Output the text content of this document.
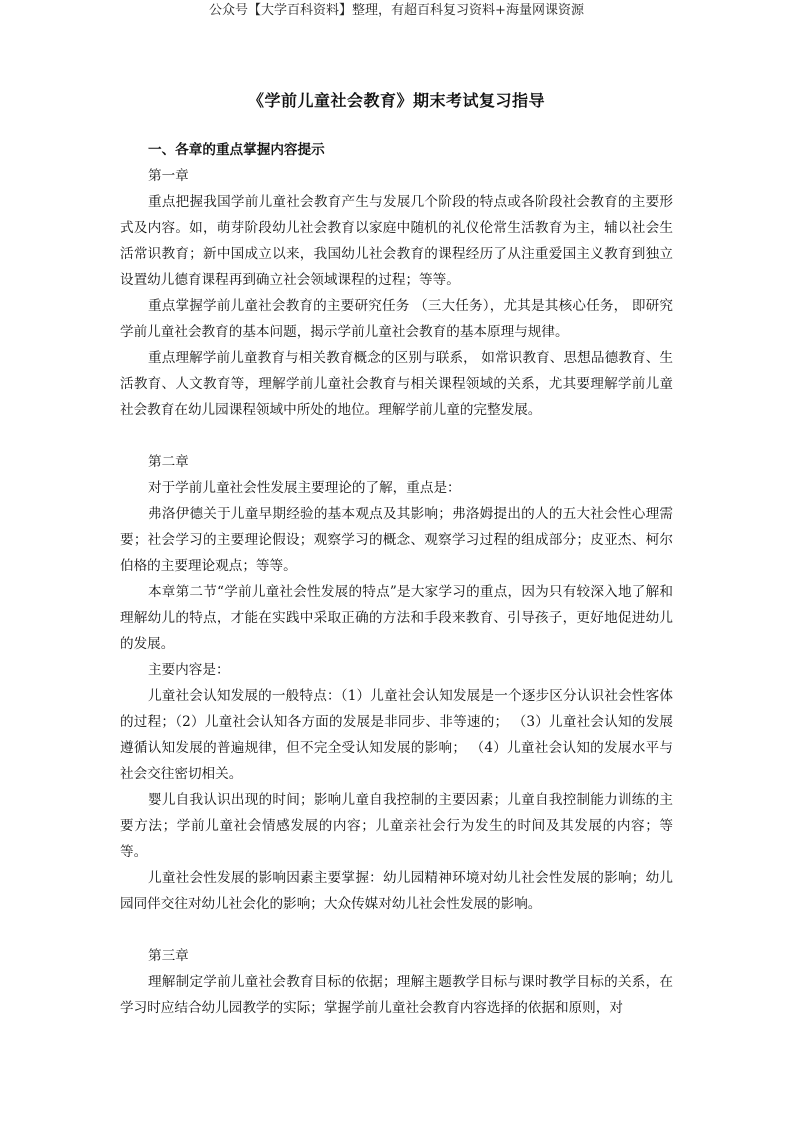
公众号【大学百科资料】整理，有超百科复习资料+海量网课资源
《学前儿童社会教育》期末考试复习指导
一、各章的重点掌握内容提示
第一章

重点把握我国学前儿童社会教育产生与发展几个阶段的特点或各阶段社会教育的主要形式及内容。如，萌芽阶段幼儿社会教育以家庭中随机的礼仪伦常生活教育为主，辅以社会生活常识教育；新中国成立以来，我国幼儿社会教育的课程经历了从注重爱国主义教育到独立设置幼儿德育课程再到确立社会领域课程的过程；等等。

重点掌握学前儿童社会教育的主要研究任务 （三大任务），尤其是其核心任务， 即研究学前儿童社会教育的基本问题，揭示学前儿童社会教育的基本原理与规律。

重点理解学前儿童教育与相关教育概念的区别与联系， 如常识教育、思想品德教育、生活教育、人文教育等，理解学前儿童社会教育与相关课程领域的关系，尤其要理解学前儿童社会教育在幼儿园课程领域中所处的地位。理解学前儿童的完整发展。

第二章

对于学前儿童社会性发展主要理论的了解，重点是：

弗洛伊德关于儿童早期经验的基本观点及其影响；弗洛姆提出的人的五大社会性心理需要；社会学习的主要理论假设；观察学习的概念、观察学习过程的组成部分；皮亚杰、柯尔伯格的主要理论观点；等等。

本章第二节“学前儿童社会性发展的特点”是大家学习的重点，因为只有较深入地了解和理解幼儿的特点，才能在实践中采取正确的方法和手段来教育、引导孩子，更好地促进幼儿的发展。

主要内容是：

儿童社会认知发展的一般特点：（1）儿童社会认知发展是一个逐步区分认识社会性客体的过程；（2）儿童社会认知各方面的发展是非同步、非等速的； （3）儿童社会认知的发展遵循认知发展的普遍规律，但不完全受认知发展的影响； （4）儿童社会认知的发展水平与社会交往密切相关。

婴儿自我认识出现的时间；影响儿童自我控制的主要因素；儿童自我控制能力训练的主要方法；学前儿童社会情感发展的内容；儿童亲社会行为发生的时间及其发展的内容；等等。

儿童社会性发展的影响因素主要掌握：幼儿园精神环境对幼儿社会性发展的影响；幼儿园同伴交往对幼儿社会化的影响；大众传媒对幼儿社会性发展的影响。

第三章

理解制定学前儿童社会教育目标的依据；理解主题教学目标与课时教学目标的关系，在学习时应结合幼儿园教学的实际；掌握学前儿童社会教育内容选择的依据和原则，对
